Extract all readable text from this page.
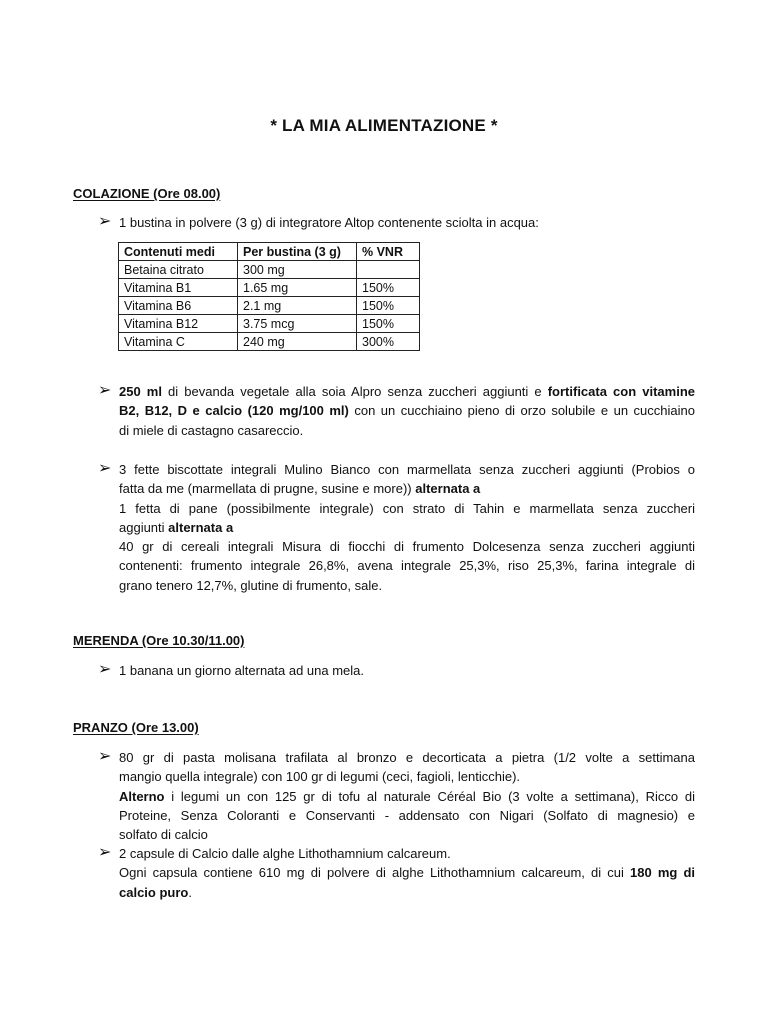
* LA MIA ALIMENTAZIONE *
COLAZIONE (Ore 08.00)
➢ 1 bustina in polvere (3 g) di integratore Altop contenente sciolta in acqua:
Contenuti medi	Per bustina (3 g)	% VNR
Betaina citrato	300 mg	
Vitamina B1	1.65 mg	150%
Vitamina B6	2.1 mg	150%
Vitamina B12	3.75 mcg	150%
Vitamina C	240 mg	300%
➢ 250 ml di bevanda vegetale alla soia Alpro senza zuccheri aggiunti e fortificata con vitamine
B2, B12, D e calcio (120 mg/100 ml) con un cucchiaino pieno di orzo solubile e un cucchiaino
di miele di castagno casareccio.
➢ 3 fette biscottate integrali Mulino Bianco con marmellata senza zuccheri aggiunti (Probios o
fatta da me (marmellata di prugne, susine e more)) alternata a
1 fetta di pane (possibilmente integrale) con strato di Tahin e marmellata senza zuccheri
aggiunti alternata a
40 gr di cereali integrali Misura di fiocchi di frumento Dolcesenza senza zuccheri aggiunti
contenenti: frumento integrale 26,8%, avena integrale 25,3%, riso 25,3%, farina integrale di
grano tenero 12,7%, glutine di frumento, sale.
MERENDA (Ore 10.30/11.00)
➢ 1 banana un giorno alternata ad una mela.
PRANZO (Ore 13.00)
➢ 80 gr di pasta molisana trafilata al bronzo e decorticata a pietra (1/2 volte a settimana
mangio quella integrale) con 100 gr di legumi (ceci, fagioli, lenticchie).
Alterno i legumi un con 125 gr di tofu al naturale Céréal Bio (3 volte a settimana), Ricco di
Proteine, Senza Coloranti e Conservanti - addensato con Nigari (Solfato di magnesio) e
solfato di calcio
➢ 2 capsule di Calcio dalle alghe Lithothamnium calcareum.
Ogni capsula contiene 610 mg di polvere di alghe Lithothamnium calcareum, di cui 180 mg di
calcio puro.
